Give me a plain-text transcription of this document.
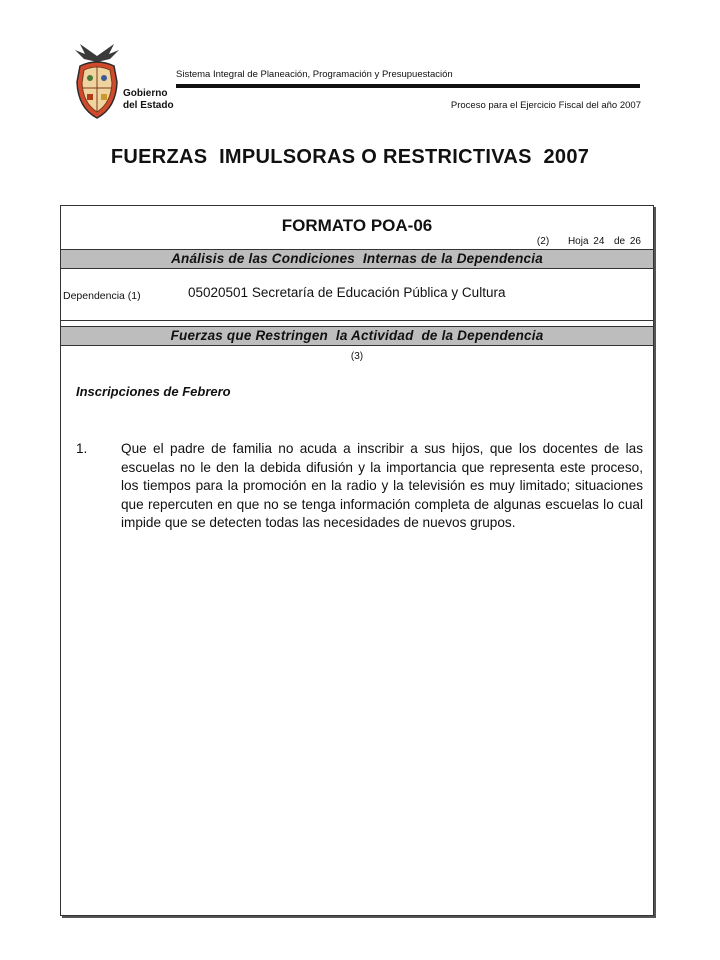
Gobierno
del Estado
Sistema Integral de Planeación, Programación y Presupuestación
Proceso para el Ejercicio Fiscal del año 2007
FUERZAS  IMPULSORAS O RESTRICTIVAS  2007
FORMATO POA-06
(2) Hoja 24  de 26
Análisis de las Condiciones  Internas de la Dependencia
Dependencia (1)	05020501 Secretaría de Educación Pública y Cultura
Fuerzas que Restringen  la Actividad  de la Dependencia
(3)
Inscripciones de Febrero
1. Que el padre de familia no acuda a inscribir a sus hijos, que los docentes de las escuelas no le den la debida difusión y la importancia que representa este proceso, los tiempos para la promoción en la radio y la televisión es muy limitado; situaciones que repercuten en que no se tenga información completa de algunas escuelas lo cual impide que se detecten todas las necesidades de nuevos grupos.
